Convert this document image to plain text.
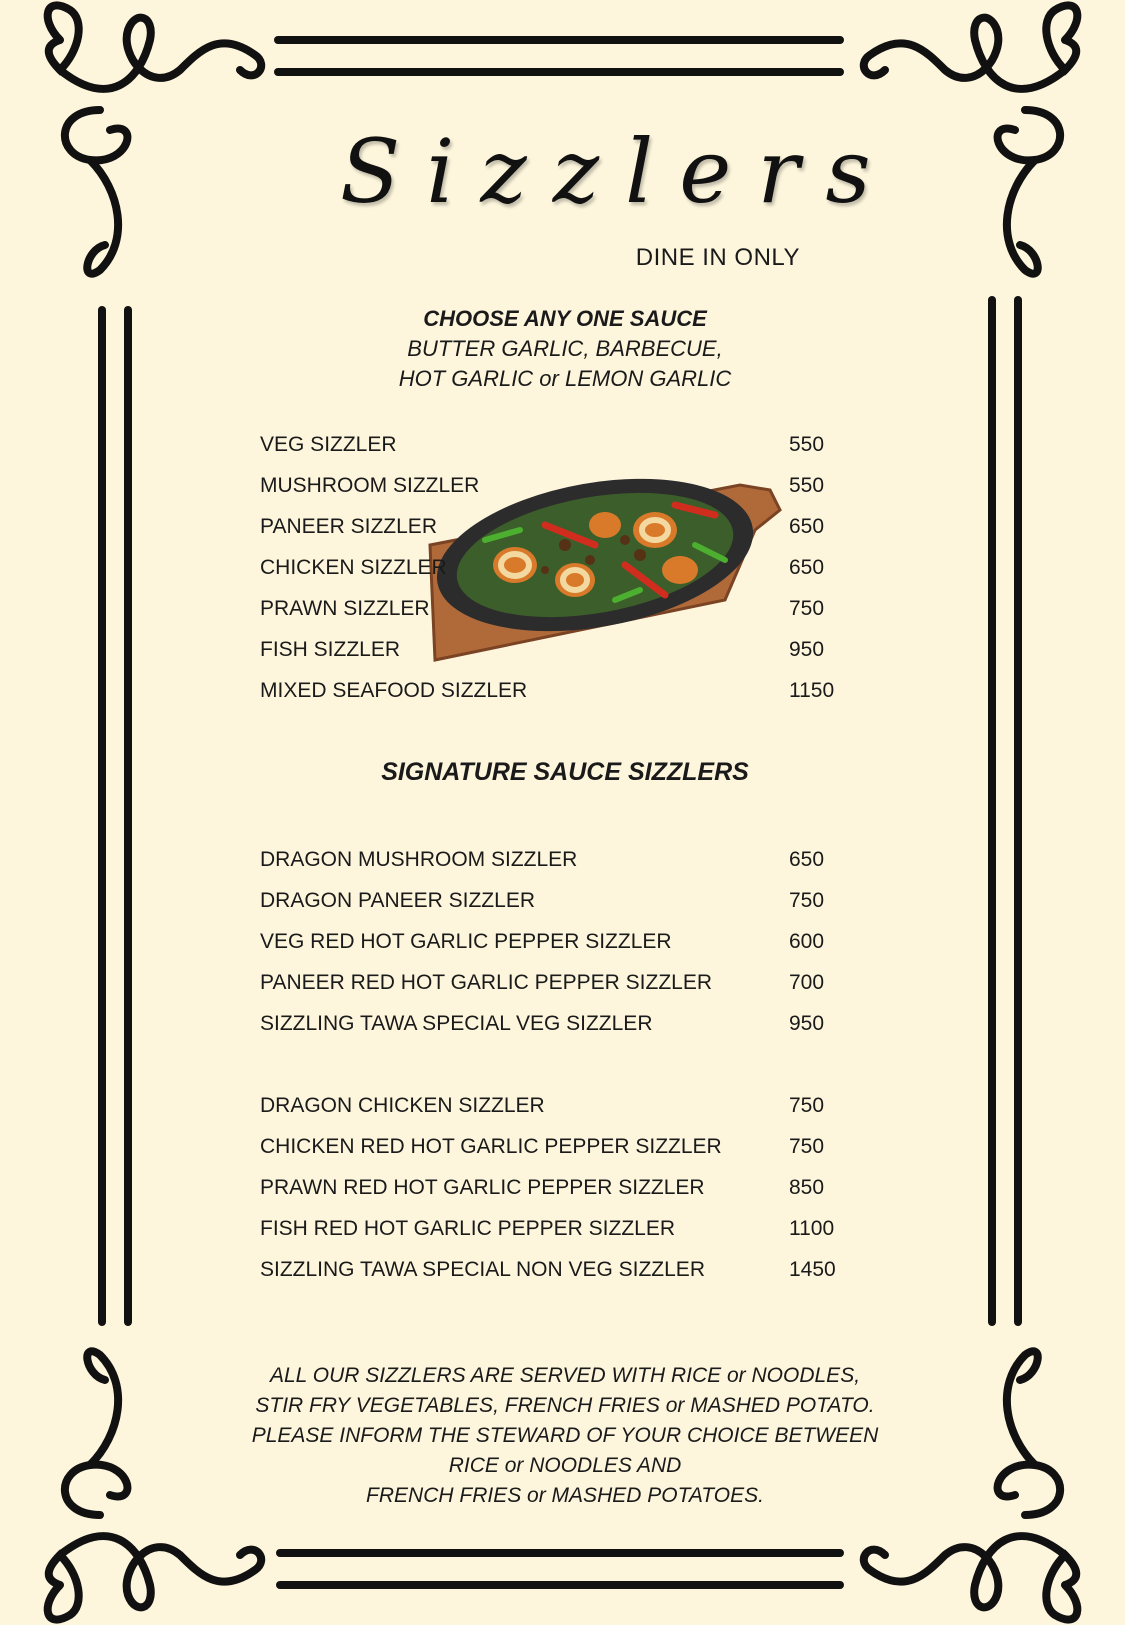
Sizzlers
DINE IN ONLY
CHOOSE ANY ONE SAUCE
BUTTER GARLIC, BARBECUE,
HOT GARLIC or LEMON GARLIC
VEG SIZZLER	550
MUSHROOM SIZZLER	550
PANEER SIZZLER	650
CHICKEN SIZZLER	650
PRAWN SIZZLER	750
FISH SIZZLER	950
MIXED SEAFOOD SIZZLER	1150
SIGNATURE SAUCE SIZZLERS
DRAGON MUSHROOM SIZZLER	650
DRAGON PANEER SIZZLER	750
VEG RED HOT GARLIC PEPPER SIZZLER	600
PANEER RED HOT GARLIC PEPPER SIZZLER	700
SIZZLING TAWA SPECIAL VEG SIZZLER	950
DRAGON CHICKEN SIZZLER	750
CHICKEN RED HOT GARLIC PEPPER SIZZLER	750
PRAWN RED HOT GARLIC PEPPER SIZZLER	850
FISH RED HOT GARLIC PEPPER SIZZLER	1100
SIZZLING TAWA SPECIAL NON VEG SIZZLER	1450
ALL OUR SIZZLERS ARE SERVED WITH RICE or NOODLES,
STIR FRY VEGETABLES, FRENCH FRIES or MASHED POTATO.
PLEASE INFORM THE STEWARD OF YOUR CHOICE BETWEEN
RICE or NOODLES AND
FRENCH FRIES or MASHED POTATOES.
